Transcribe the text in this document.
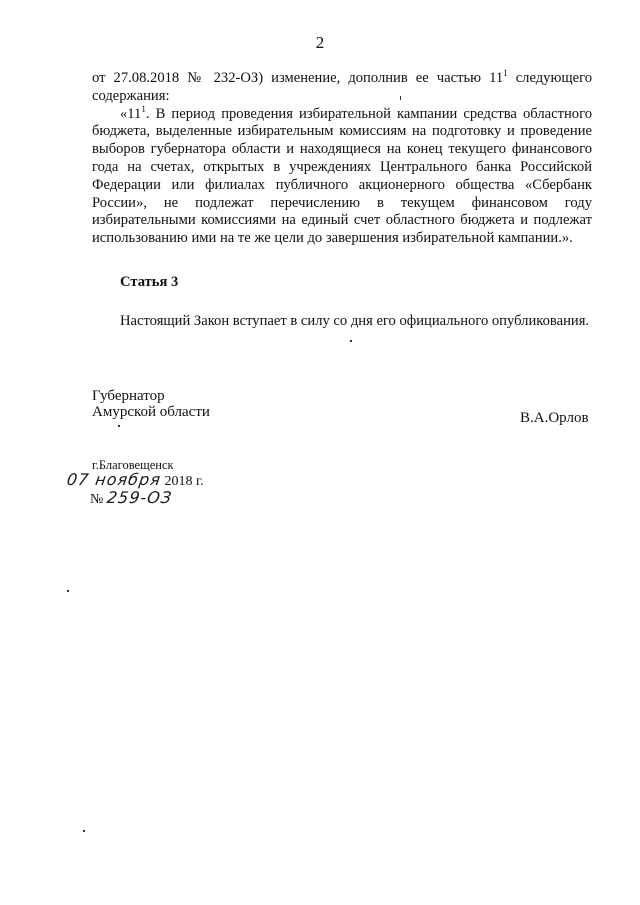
2
от 27.08.2018 № 232-ОЗ) изменение, дополнив ее частью $11^1$ следующего
содержания:

«$11^1$. В период проведения избирательной кампании средства областного бюджета, выделенные избирательным комиссиям на подготовку и проведение выборов губернатора области и находящиеся на конец текущего финансового года на счетах, открытых в учреждениях Центрального банка Российской Федерации или филиалах публичного акционерного общества «Сбербанк России», не подлежат перечислению в текущем финансовом году избирательными комиссиями на единый счет областного бюджета и подлежат использованию ими на те же цели до завершения избирательной кампании.».

Статья 3

Настоящий Закон вступает в силу со дня его официального опубликования.

Губернатор
Амурской области	В.А.Орлов
г.Благовещенск
07 ноября 2018 г.
№ 259-ОЗ
